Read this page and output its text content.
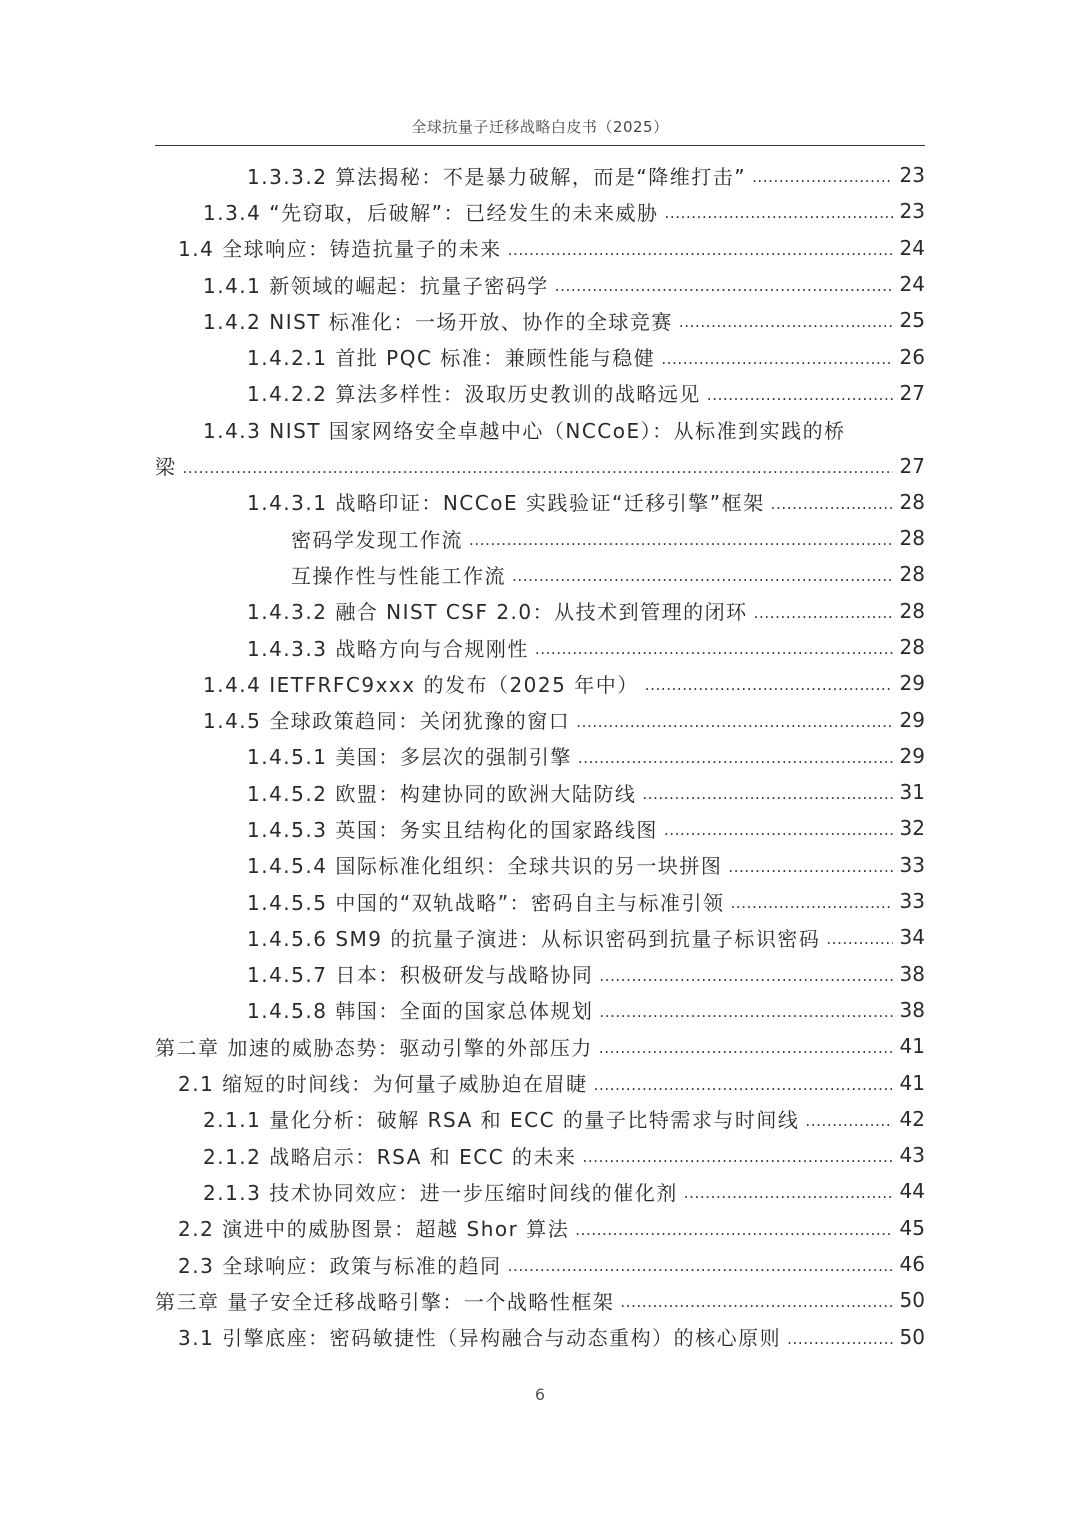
全球抗量子迁移战略白皮书（2025）
1.3.3.2 算法揭秘：不是暴力破解，而是“降维打击” .....	23
1.3.4 “先窃取，后破解”：已经发生的未来威胁 .....	23
1.4 全球响应：铸造抗量子的未来 .....	24
1.4.1 新领域的崛起：抗量子密码学 .....	24
1.4.2 NIST 标准化：一场开放、协作的全球竞赛 .....	25
1.4.2.1 首批 PQC 标准：兼顾性能与稳健 .....	26
1.4.2.2 算法多样性：汲取历史教训的战略远见 .....	27
1.4.3 NIST 国家网络安全卓越中心（NCCoE）：从标准到实践的桥
梁 .....	27
1.4.3.1 战略印证：NCCoE 实践验证“迁移引擎”框架 .....	28
密码学发现工作流 .....	28
互操作性与性能工作流 .....	28
1.4.3.2 融合 NIST CSF 2.0：从技术到管理的闭环 .....	28
1.4.3.3 战略方向与合规刚性 .....	28
1.4.4 IETFRFC9xxx 的发布（2025 年中） .....	29
1.4.5 全球政策趋同：关闭犹豫的窗口 .....	29
1.4.5.1 美国：多层次的强制引擎 .....	29
1.4.5.2 欧盟：构建协同的欧洲大陆防线 .....	31
1.4.5.3 英国：务实且结构化的国家路线图 .....	32
1.4.5.4 国际标准化组织：全球共识的另一块拼图 .....	33
1.4.5.5 中国的“双轨战略”：密码自主与标准引领 .....	33
1.4.5.6 SM9 的抗量子演进：从标识密码到抗量子标识密码 .....	34
1.4.5.7 日本：积极研发与战略协同 .....	38
1.4.5.8 韩国：全面的国家总体规划 .....	38
第二章 加速的威胁态势：驱动引擎的外部压力 .....	41
2.1 缩短的时间线：为何量子威胁迫在眉睫 .....	41
2.1.1 量化分析：破解 RSA 和 ECC 的量子比特需求与时间线 .....	42
2.1.2 战略启示：RSA 和 ECC 的未来 .....	43
2.1.3 技术协同效应：进一步压缩时间线的催化剂 .....	44
2.2 演进中的威胁图景：超越 Shor 算法 .....	45
2.3 全球响应：政策与标准的趋同 .....	46
第三章 量子安全迁移战略引擎：一个战略性框架 .....	50
3.1 引擎底座：密码敏捷性（异构融合与动态重构）的核心原则 .....	50
6
